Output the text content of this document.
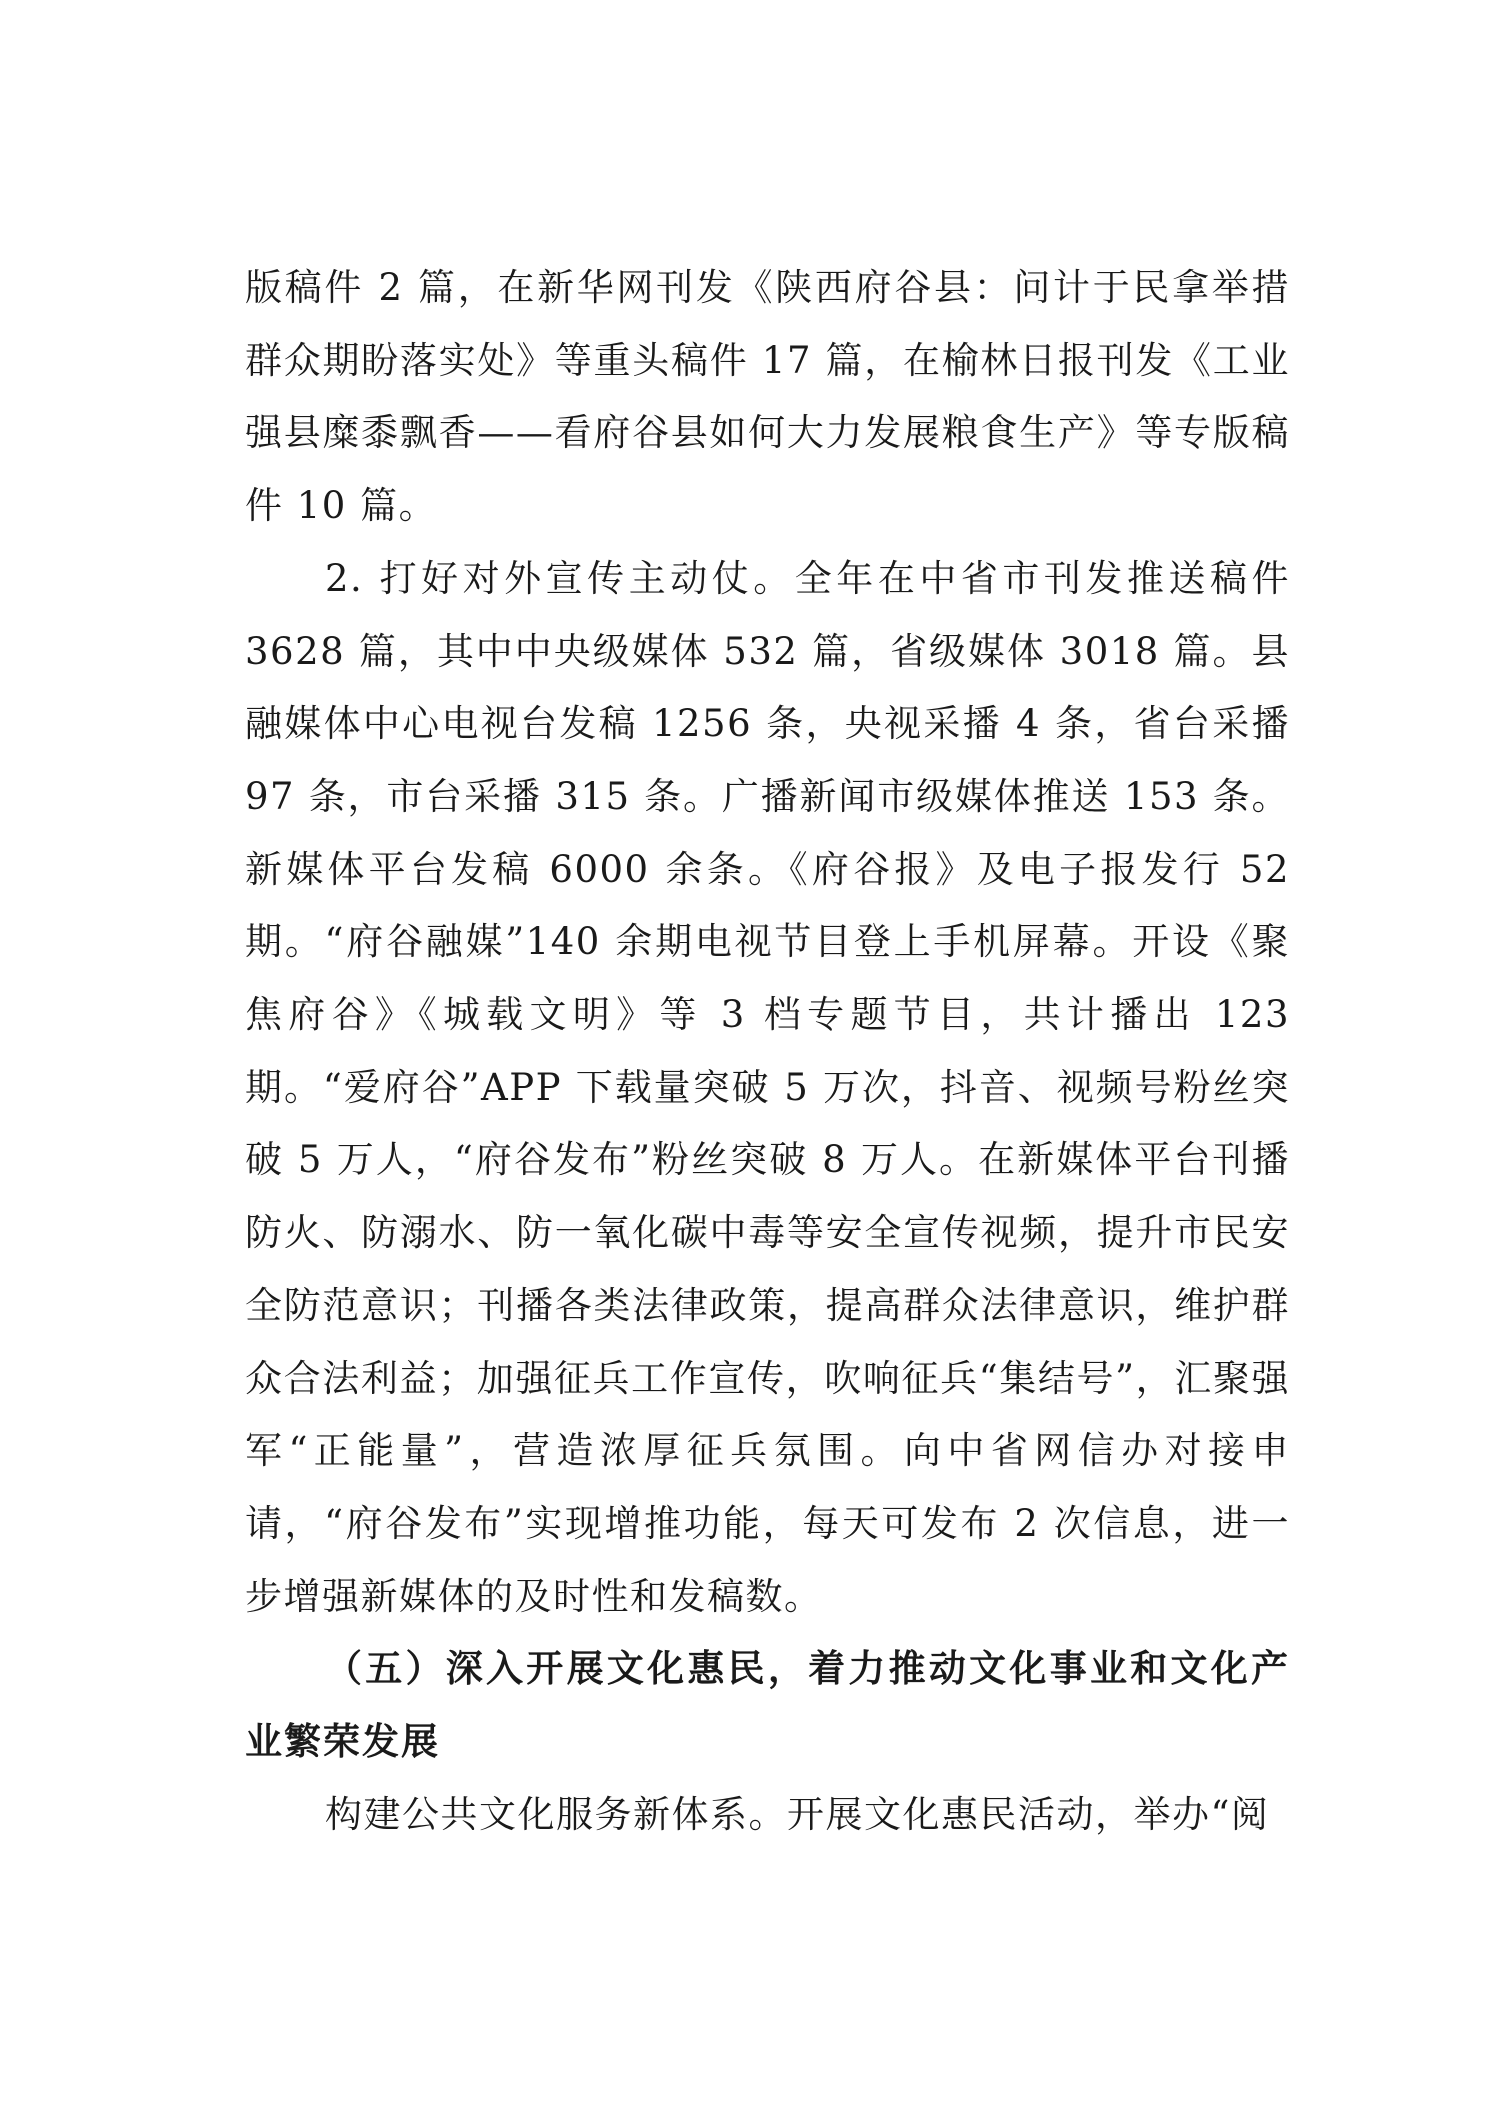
版稿件 2 篇，在新华网刊发《陕西府谷县：问计于民拿举措 群众期盼落实处》等重头稿件 17 篇，在榆林日报刊发《工业强县糜黍飘香——看府谷县如何大力发展粮食生产》等专版稿件 10 篇。

2. 打好对外宣传主动仗。全年在中省市刊发推送稿件 3628 篇，其中中央级媒体 532 篇，省级媒体 3018 篇。县融媒体中心电视台发稿 1256 条，央视采播 4 条，省台采播 97 条，市台采播 315 条。广播新闻市级媒体推送 153 条。新媒体平台发稿 6000 余条。《府谷报》及电子报发行 52 期。“府谷融媒”140 余期电视节目登上手机屏幕。开设《聚焦府谷》《城载文明》等 3 档专题节目，共计播出 123 期。“爱府谷”APP 下载量突破 5 万次，抖音、视频号粉丝突破 5 万人，“府谷发布”粉丝突破 8 万人。在新媒体平台刊播防火、防溺水、防一氧化碳中毒等安全宣传视频，提升市民安全防范意识；刊播各类法律政策，提高群众法律意识，维护群众合法利益；加强征兵工作宣传，吹响征兵“集结号”，汇聚强军“正能量”，营造浓厚征兵氛围。向中省网信办对接申请，“府谷发布”实现增推功能，每天可发布 2 次信息，进一步增强新媒体的及时性和发稿数。

（五）深入开展文化惠民，着力推动文化事业和文化产业繁荣发展

构建公共文化服务新体系。开展文化惠民活动，举办“阅
